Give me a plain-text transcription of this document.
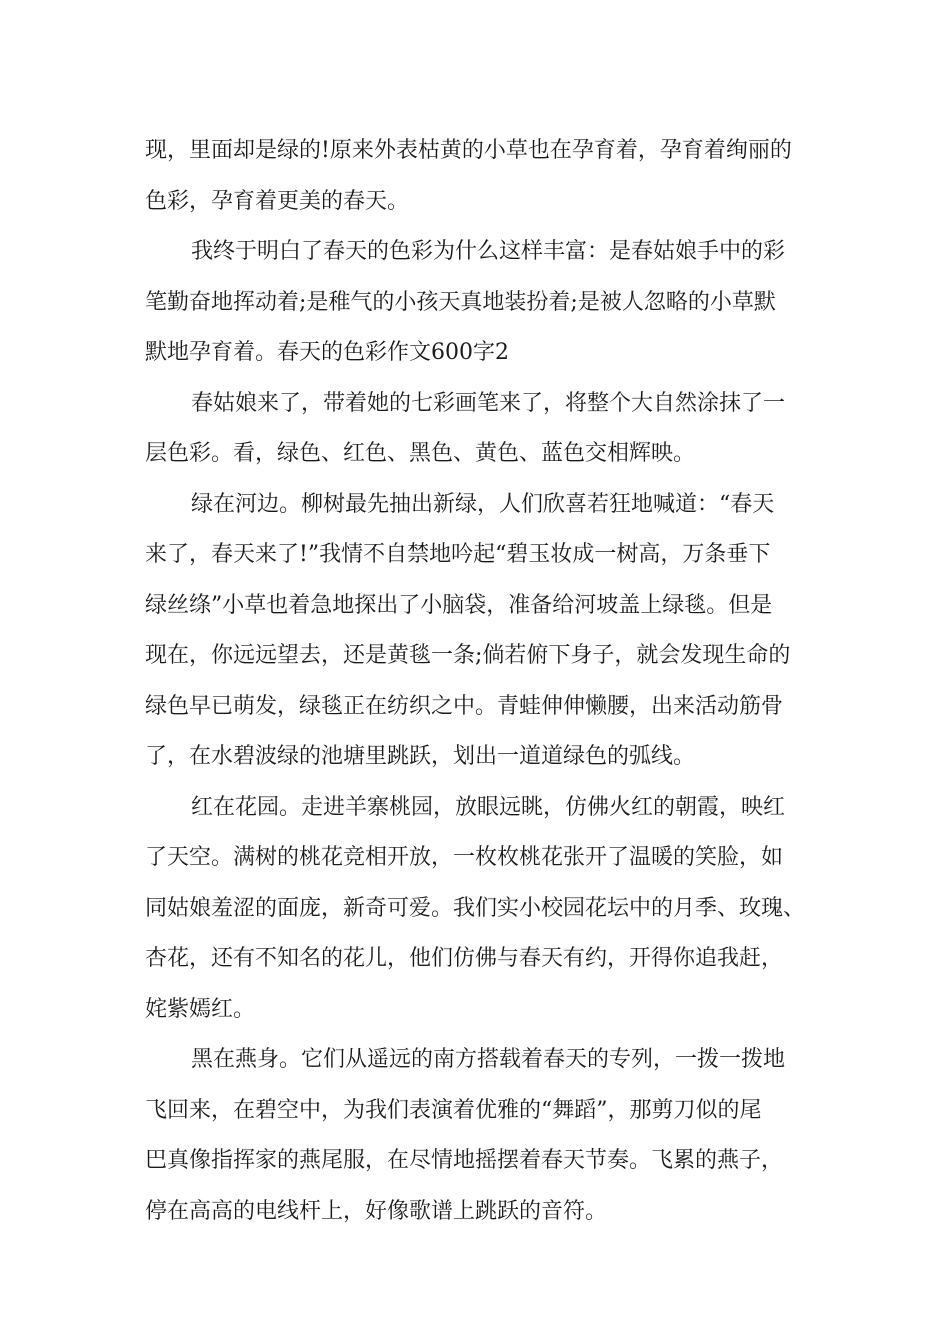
现，里面却是绿的!原来外表枯黄的小草也在孕育着，孕育着绚丽的
色彩，孕育着更美的春天。
我终于明白了春天的色彩为什么这样丰富：是春姑娘手中的彩
笔勤奋地挥动着;是稚气的小孩天真地装扮着;是被人忽略的小草默
默地孕育着。春天的色彩作文600字2
春姑娘来了，带着她的七彩画笔来了，将整个大自然涂抹了一
层色彩。看，绿色、红色、黑色、黄色、蓝色交相辉映。
绿在河边。柳树最先抽出新绿，人们欣喜若狂地喊道：“春天
来了，春天来了!”我情不自禁地吟起“碧玉妆成一树高，万条垂下
绿丝绦”小草也着急地探出了小脑袋，准备给河坡盖上绿毯。但是
现在，你远远望去，还是黄毯一条;倘若俯下身子，就会发现生命的
绿色早已萌发，绿毯正在纺织之中。青蛙伸伸懒腰，出来活动筋骨
了，在水碧波绿的池塘里跳跃，划出一道道绿色的弧线。
红在花园。走进羊寨桃园，放眼远眺，仿佛火红的朝霞，映红
了天空。满树的桃花竞相开放，一枚枚桃花张开了温暖的笑脸，如
同姑娘羞涩的面庞，新奇可爱。我们实小校园花坛中的月季、玫瑰、
杏花，还有不知名的花儿，他们仿佛与春天有约，开得你追我赶，
姹紫嫣红。
黑在燕身。它们从遥远的南方搭载着春天的专列，一拨一拨地
飞回来，在碧空中，为我们表演着优雅的“舞蹈”，那剪刀似的尾
巴真像指挥家的燕尾服，在尽情地摇摆着春天节奏。飞累的燕子，
停在高高的电线杆上，好像歌谱上跳跃的音符。
